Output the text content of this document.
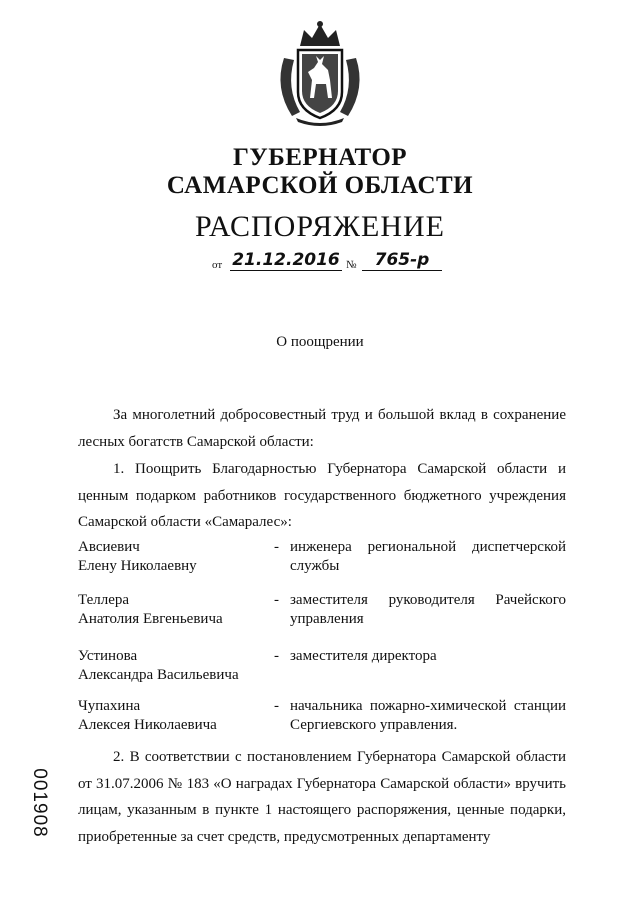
ГУБЕРНАТОР
САМАРСКОЙ ОБЛАСТИ
РАСПОРЯЖЕНИЕ
от 21.12.2016 №	765-р
О поощрении
За многолетний добросовестный труд и большой вклад в сохранение лесных богатств Самарской области:
1. Поощрить Благодарностью Губернатора Самарской области и ценным подарком работников государственного бюджетного учреждения Самарской области «Самаралес»:
Авсиевич
Елену Николаевну
- инженера региональной диспетчерской службы
Теллера
Анатолия Евгеньевича
- заместителя руководителя Рачейского управления
Устинова
Александра Васильевича
- заместителя директора
Чупахина
Алексея Николаевича
- начальника пожарно-химической станции Сергиевского управления.
2. В соответствии с постановлением Губернатора Самарской области от 31.07.2006 № 183 «О наградах Губернатора Самарской области» вручить лицам, указанным в пункте 1 настоящего распоряжения, ценные подарки, приобретенные за счет средств, предусмотренных департаменту
001908
